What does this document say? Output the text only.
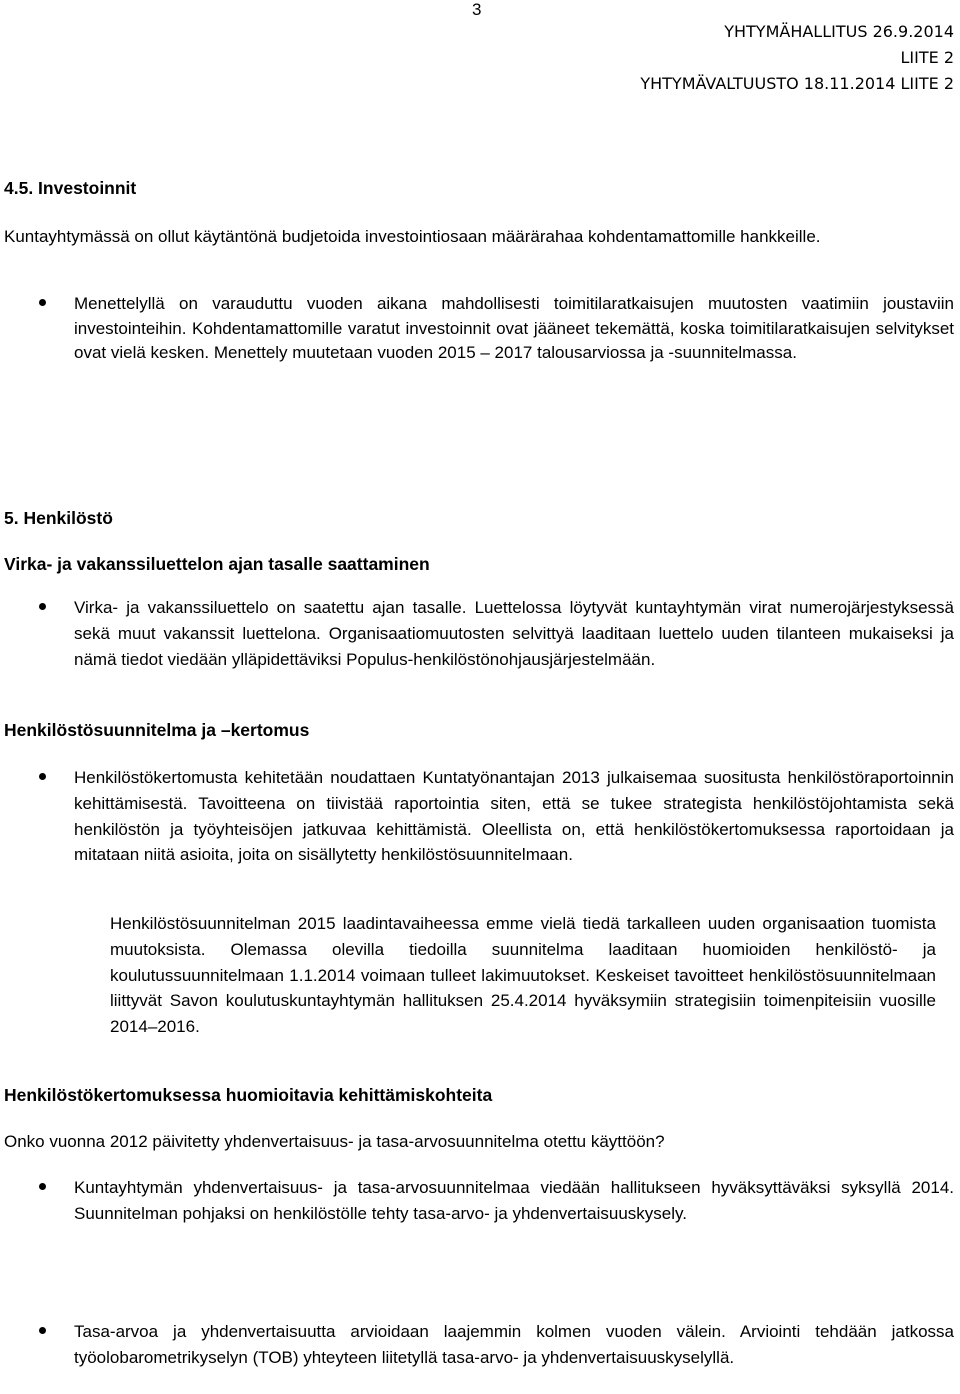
3
YHTYMÄHALLITUS 26.9.2014
LIITE 2
YHTYMÄVALTUUSTO 18.11.2014 LIITE 2
4.5. Investoinnit
Kuntayhtymässä on ollut käytäntönä budjetoida investointiosaan määrärahaa kohdentamattomille hankkeille.
Menettelyllä on varauduttu vuoden aikana mahdollisesti toimitilaratkaisujen muutosten vaatimiin joustaviin investointeihin. Kohdentamattomille varatut investoinnit ovat jääneet tekemättä, koska toimitilaratkaisujen selvitykset ovat vielä kesken. Menettely muutetaan vuoden 2015 – 2017 talousarviossa ja -suunnitelmassa.
5. Henkilöstö
Virka- ja vakanssiluettelon ajan tasalle saattaminen
Virka- ja vakanssiluettelo on saatettu ajan tasalle. Luettelossa löytyvät kuntayhtymän virat numerojärjestyksessä sekä muut vakanssit luettelona. Organisaatiomuutosten selvittyä laaditaan luettelo uuden tilanteen mukaiseksi ja nämä tiedot viedään ylläpidettäviksi Populus-henkilöstönohjausjärjestelmään.
Henkilöstösuunnitelma ja –kertomus
Henkilöstökertomusta kehitetään noudattaen Kuntatyönantajan 2013 julkaisemaa suositusta henkilöstöraportoinnin kehittämisestä. Tavoitteena on tiivistää raportointia siten, että se tukee strategista henkilöstöjohtamista sekä henkilöstön ja työyhteisöjen jatkuvaa kehittämistä. Oleellista on, että henkilöstökertomuksessa raportoidaan ja mitataan niitä asioita, joita on sisällytetty henkilöstösuunnitelmaan.
Henkilöstösuunnitelman 2015 laadintavaiheessa emme vielä tiedä tarkalleen uuden organisaation tuomista muutoksista. Olemassa olevilla tiedoilla suunnitelma laaditaan huomioiden henkilöstö- ja koulutussuunnitelmaan 1.1.2014 voimaan tulleet lakimuutokset. Keskeiset tavoitteet henkilöstösuunnitelmaan liittyvät Savon koulutuskuntayhtymän hallituksen 25.4.2014 hyväksymiin strategisiin toimenpiteisiin vuosille 2014–2016.
Henkilöstökertomuksessa huomioitavia kehittämiskohteita
Onko vuonna 2012 päivitetty yhdenvertaisuus- ja tasa-arvosuunnitelma otettu käyttöön?
Kuntayhtymän yhdenvertaisuus- ja tasa-arvosuunnitelmaa viedään hallitukseen hyväksyttäväksi syksyllä 2014. Suunnitelman pohjaksi on henkilöstölle tehty tasa-arvo- ja yhdenvertaisuuskysely.
Tasa-arvoa ja yhdenvertaisuutta arvioidaan laajemmin kolmen vuoden välein. Arviointi tehdään jatkossa työolobarometrikyselyn (TOB) yhteyteen liitetyllä tasa-arvo- ja yhdenvertaisuuskyselyllä.
